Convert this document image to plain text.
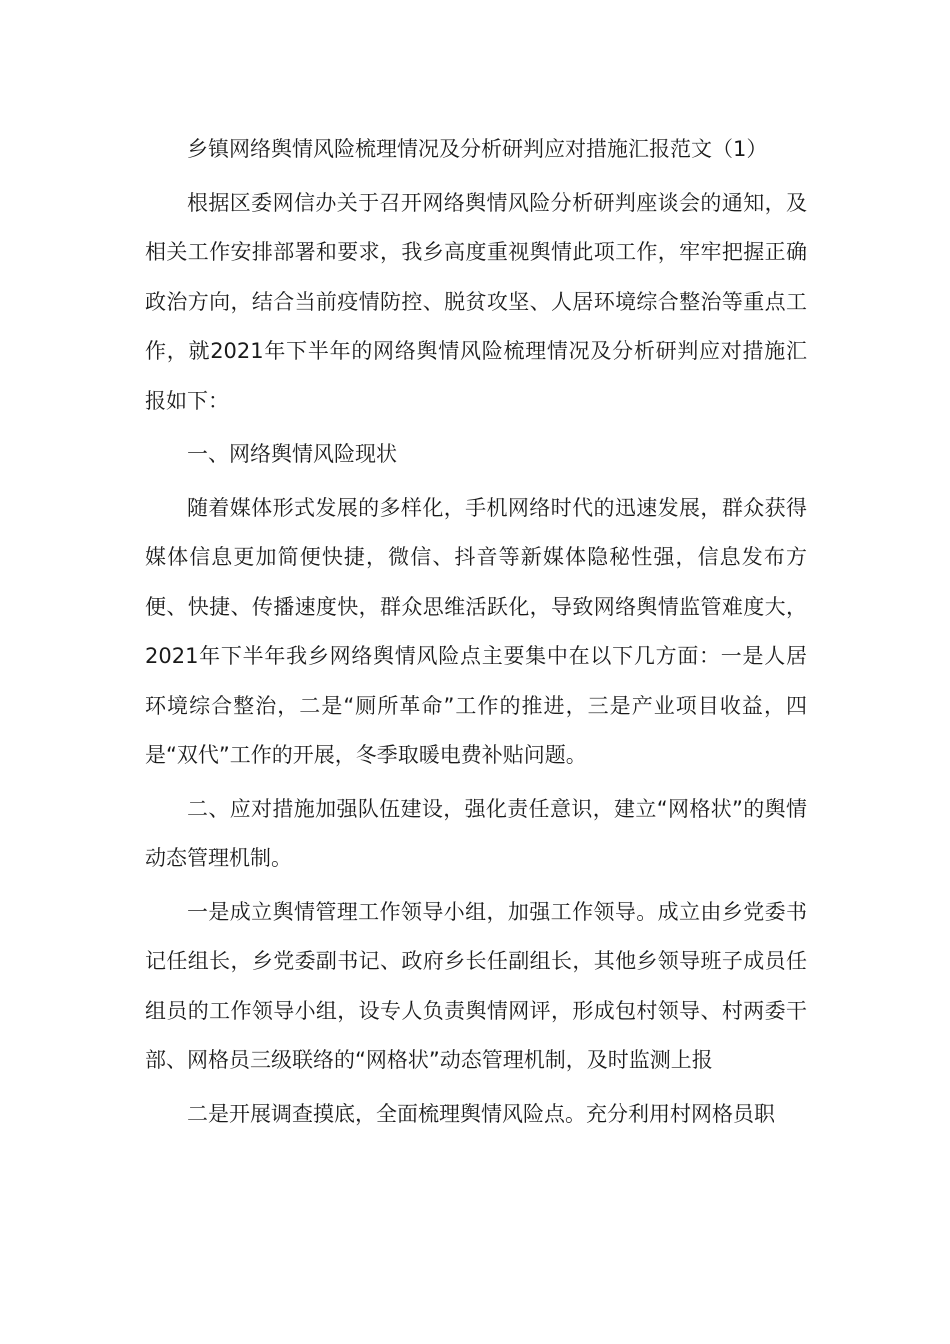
乡镇网络舆情风险梳理情况及分析研判应对措施汇报范文（1）

根据区委网信办关于召开网络舆情风险分析研判座谈会的通知，及相关工作安排部署和要求，我乡高度重视舆情此项工作，牢牢把握正确政治方向，结合当前疫情防控、脱贫攻坚、人居环境综合整治等重点工作，就2021年下半年的网络舆情风险梳理情况及分析研判应对措施汇报如下：

一、网络舆情风险现状

随着媒体形式发展的多样化，手机网络时代的迅速发展，群众获得媒体信息更加简便快捷，微信、抖音等新媒体隐秘性强，信息发布方便、快捷、传播速度快，群众思维活跃化，导致网络舆情监管难度大，2021年下半年我乡网络舆情风险点主要集中在以下几方面：一是人居环境综合整治，二是“厕所革命”工作的推进，三是产业项目收益，四是“双代”工作的开展，冬季取暖电费补贴问题。

二、应对措施加强队伍建设，强化责任意识，建立“网格状”的舆情动态管理机制。

一是成立舆情管理工作领导小组，加强工作领导。成立由乡党委书记任组长，乡党委副书记、政府乡长任副组长，其他乡领导班子成员任组员的工作领导小组，设专人负责舆情网评，形成包村领导、村两委干部、网格员三级联络的“网格状”动态管理机制，及时监测上报

二是开展调查摸底，全面梳理舆情风险点。充分利用村网格员职
